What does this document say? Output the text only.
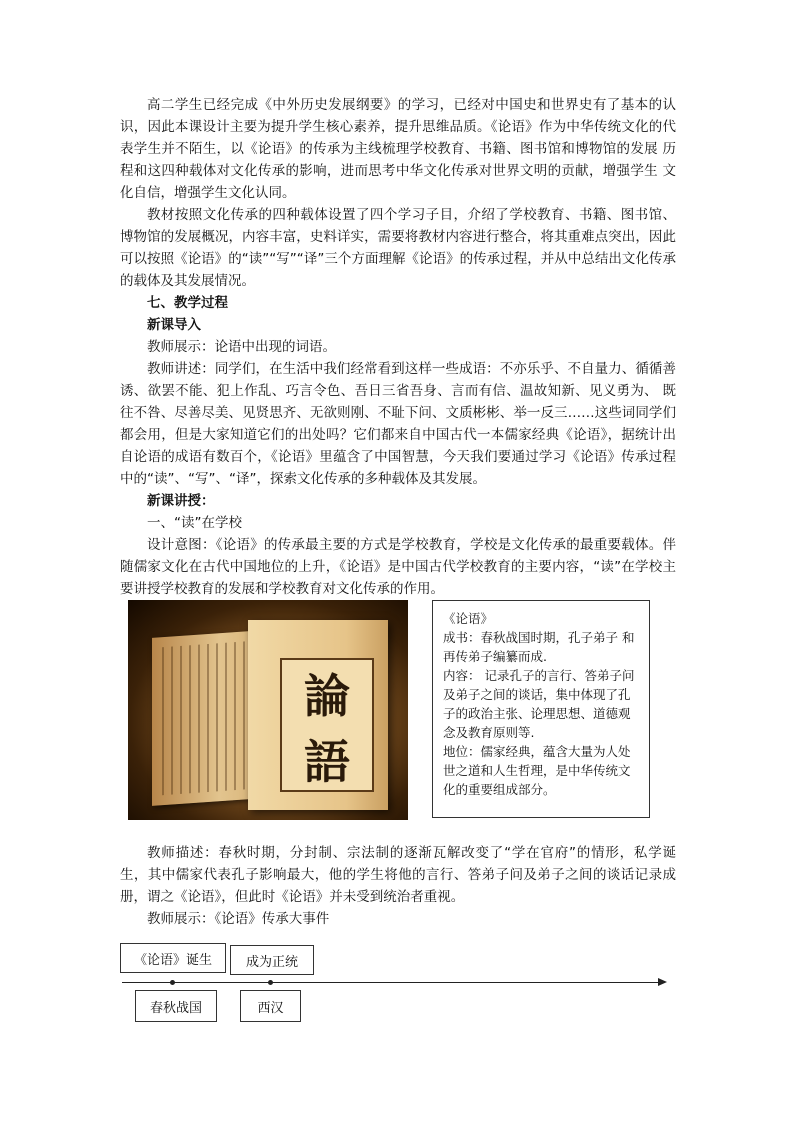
高二学生已经完成《中外历史发展纲要》的学习，已经对中国史和世界史有了基本的认 识，因此本课设计主要为提升学生核心素养，提升思维品质。《论语》作为中华传统文化的代表学生并不陌生，以《论语》的传承为主线梳理学校教育、书籍、图书馆和博物馆的发展 历程和这四种载体对文化传承的影响，进而思考中华文化传承对世界文明的贡献，增强学生 文化自信，增强学生文化认同。

教材按照文化传承的四种载体设置了四个学习子目，介绍了学校教育、书籍、图书馆、 博物馆的发展概况，内容丰富，史料详实，需要将教材内容进行整合，将其重难点突出，因此可以按照《论语》的“读”“写”“译”三个方面理解《论语》的传承过程，并从中总结出文化传承的载体及其发展情况。

七、教学过程

新课导入

教师展示：论语中出现的词语。

教师讲述：同学们，在生活中我们经常看到这样一些成语：不亦乐乎、不自量力、循循善诱、欲罢不能、犯上作乱、巧言令色、吾日三省吾身、言而有信、温故知新、见义勇为、 既往不咎、尽善尽美、见贤思齐、无欲则刚、不耻下问、文质彬彬、举一反三……这些词同学们都会用，但是大家知道它们的出处吗？它们都来自中国古代一本儒家经典《论语》，据统计出自论语的成语有数百个，《论语》里蕴含了中国智慧，今天我们要通过学习《论语》传承过程中的“读”、“写”、“译”，探索文化传承的多种载体及其发展。

新课讲授：

一、“读”在学校

设计意图：《论语》的传承最主要的方式是学校教育，学校是文化传承的最重要载体。伴随儒家文化在古代中国地位的上升，《论语》是中国古代学校教育的主要内容，“读”在学校主要讲授学校教育的发展和学校教育对文化传承的作用。

論
語
《论语》
成书：春秋战国时期，孔子弟子 和再传弟子编纂而成.
内容： 记录孔子的言行、答弟子问及弟子之间的谈话，集中体现了孔子的政治主张、论理思想、道德观念及教育原则等.
地位：儒家经典，蕴含大量为人处世之道和人生哲理，是中华传统文化的重要组成部分。

教师描述：春秋时期，分封制、宗法制的逐渐瓦解改变了“学在官府”的情形，私学诞 生，其中儒家代表孔子影响最大，他的学生将他的言行、答弟子问及弟子之间的谈话记录成 册，谓之《论语》，但此时《论语》并未受到统治者重视。

教师展示：《论语》传承大事件

《论语》诞生	成为正统
春秋战国	西汉
